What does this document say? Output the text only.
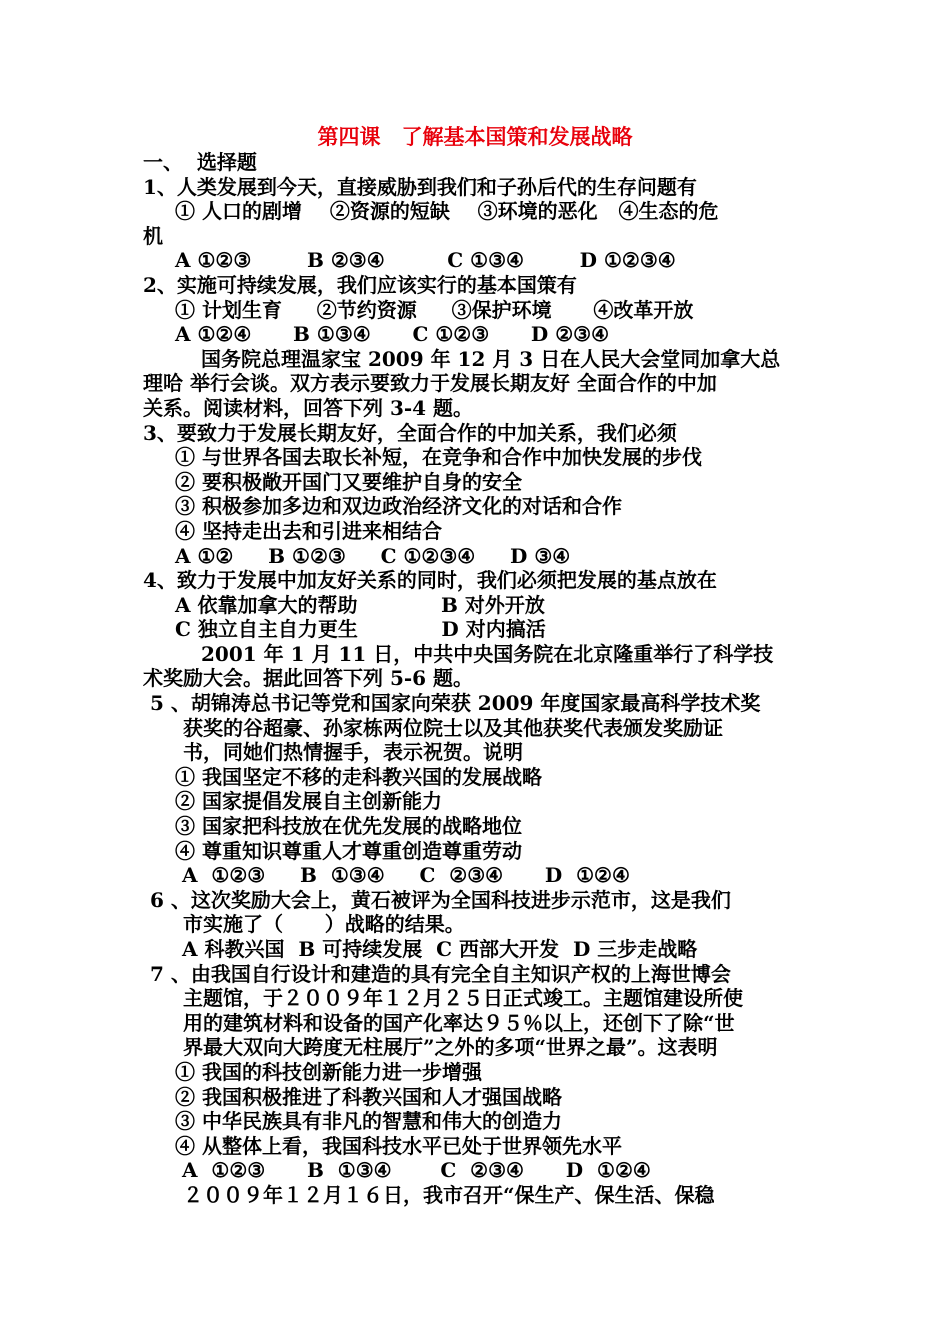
第四课　了解基本国策和发展战略
一、  选择题
1、人类发展到今天，直接威胁到我们和子孙后代的生存问题有
① 人口的剧增    ②资源的短缺    ③环境的恶化   ④生态的危
机
A ①②③        B ②③④         C ①③④        D ①②③④
2、实施可持续发展，我们应该实行的基本国策有
① 计划生育     ②节约资源     ③保护环境      ④改革开放
A ①②④      B ①③④      C ①②③      D ②③④
国务院总理温家宝 2009 年 12 月 3 日在人民大会堂同加拿大总
理哈 举行会谈。双方表示要致力于发展长期友好 全面合作的中加
关系。阅读材料，回答下列 3-4 题。
3、要致力于发展长期友好，全面合作的中加关系，我们必须
① 与世界各国去取长补短，在竞争和合作中加快发展的步伐
② 要积极敞开国门又要维护自身的安全
③ 积极参加多边和双边政治经济文化的对话和合作
④ 坚持走出去和引进来相结合
A ①②     B ①②③     C ①②③④     D ③④
4、致力于发展中加友好关系的同时，我们必须把发展的基点放在
A 依靠加拿大的帮助            B 对外开放
C 独立自主自力更生            D 对内搞活
2001 年 1 月 11 日，中共中央国务院在北京隆重举行了科学技
术奖励大会。据此回答下列 5-6 题。
5 、胡锦涛总书记等党和国家向荣获 2009 年度国家最高科学技术奖
获奖的谷超豪、孙家栋两位院士以及其他获奖代表颁发奖励证
书，同她们热情握手，表示祝贺。说明
① 我国坚定不移的走科教兴国的发展战略
② 国家提倡发展自主创新能力
③ 国家把科技放在优先发展的战略地位
④ 尊重知识尊重人才尊重创造尊重劳动
A  ①②③     B  ①③④     C  ②③④      D  ①②④
6 、这次奖励大会上，黄石被评为全国科技进步示范市，这是我们
市实施了（      ）战略的结果。
A 科教兴国  B 可持续发展  C 西部大开发  D 三步走战略
7 、由我国自行设计和建造的具有完全自主知识产权的上海世博会
主题馆，于２００９年１２月２５日正式竣工。主题馆建设所使
用的建筑材料和设备的国产化率达９５％以上，还创下了除“世
界最大双向大跨度无柱展厅”之外的多项“世界之最”。这表明
① 我国的科技创新能力进一步增强
② 我国积极推进了科教兴国和人才强国战略
③ 中华民族具有非凡的智慧和伟大的创造力
④ 从整体上看，我国科技水平已处于世界领先水平
A  ①②③      B  ①③④       C  ②③④      D  ①②④
２００９年１２月１６日，我市召开“保生产、保生活、保稳
